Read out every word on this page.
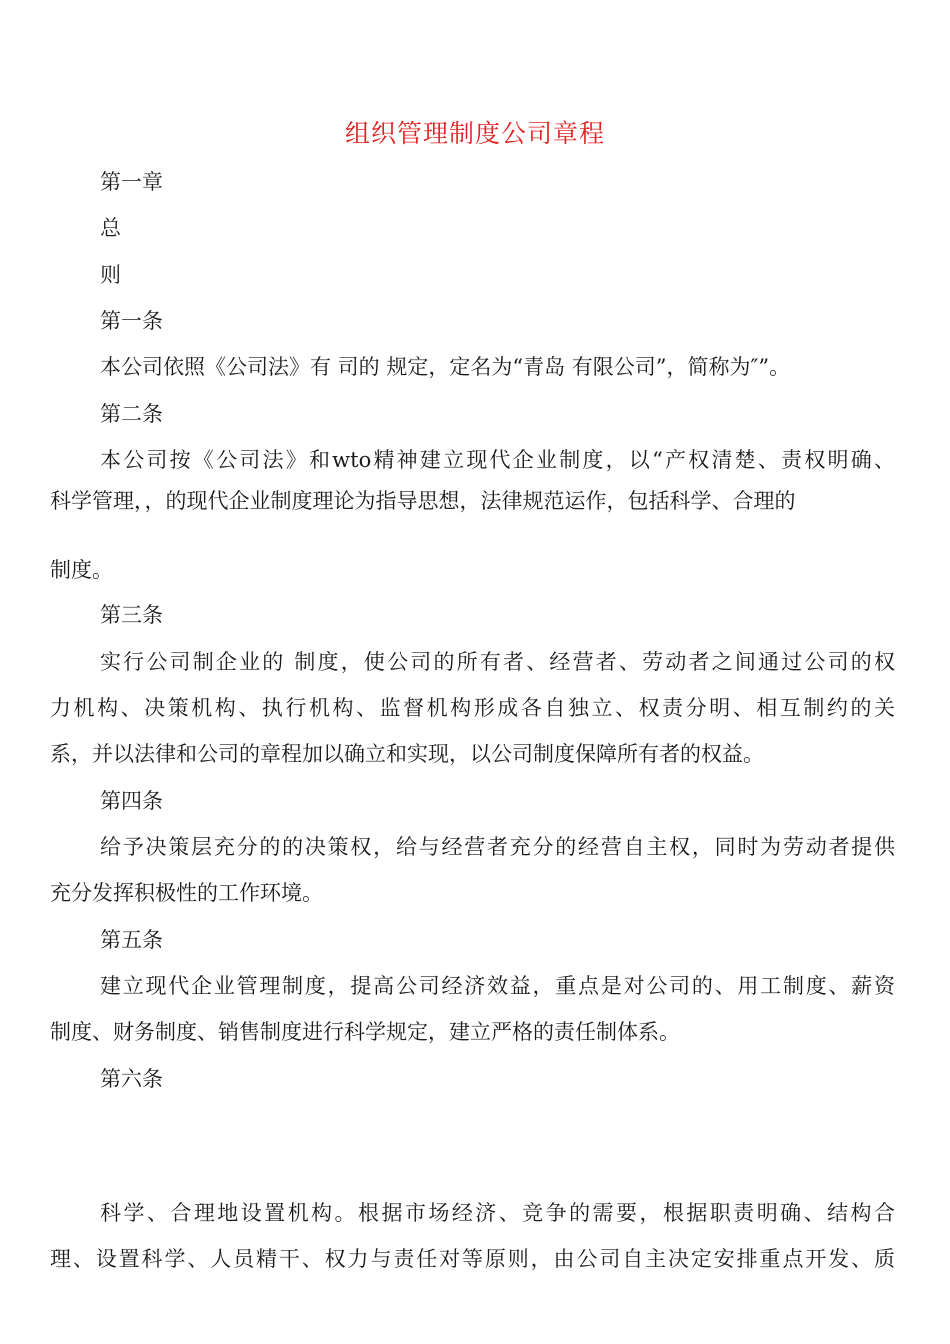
组织管理制度公司章程
第一章
总
则
第一条
本公司依照《公司法》有 司的 规定，定名为“青岛 有限公司”，简称为″”。
第二条
本公司按《公司法》和wto精神建立现代企业制度，以“产权清楚、责权明确、
科学管理，，的现代企业制度理论为指导思想，法律规范运作，包括科学、合理的
制度。
第三条
实行公司制企业的 制度，使公司的所有者、经营者、劳动者之间通过公司的权
力机构、决策机构、执行机构、监督机构形成各自独立、权责分明、相互制约的关
系，并以法律和公司的章程加以确立和实现，以公司制度保障所有者的权益。
第四条
给予决策层充分的的决策权，给与经营者充分的经营自主权，同时为劳动者提供
充分发挥积极性的工作环境。
第五条
建立现代企业管理制度，提高公司经济效益，重点是对公司的、用工制度、薪资
制度、财务制度、销售制度进行科学规定，建立严格的责任制体系。
第六条
科学、合理地设置机构。根据市场经济、竞争的需要，根据职责明确、结构合
理、设置科学、人员精干、权力与责任对等原则，由公司自主决定安排重点开发、质
